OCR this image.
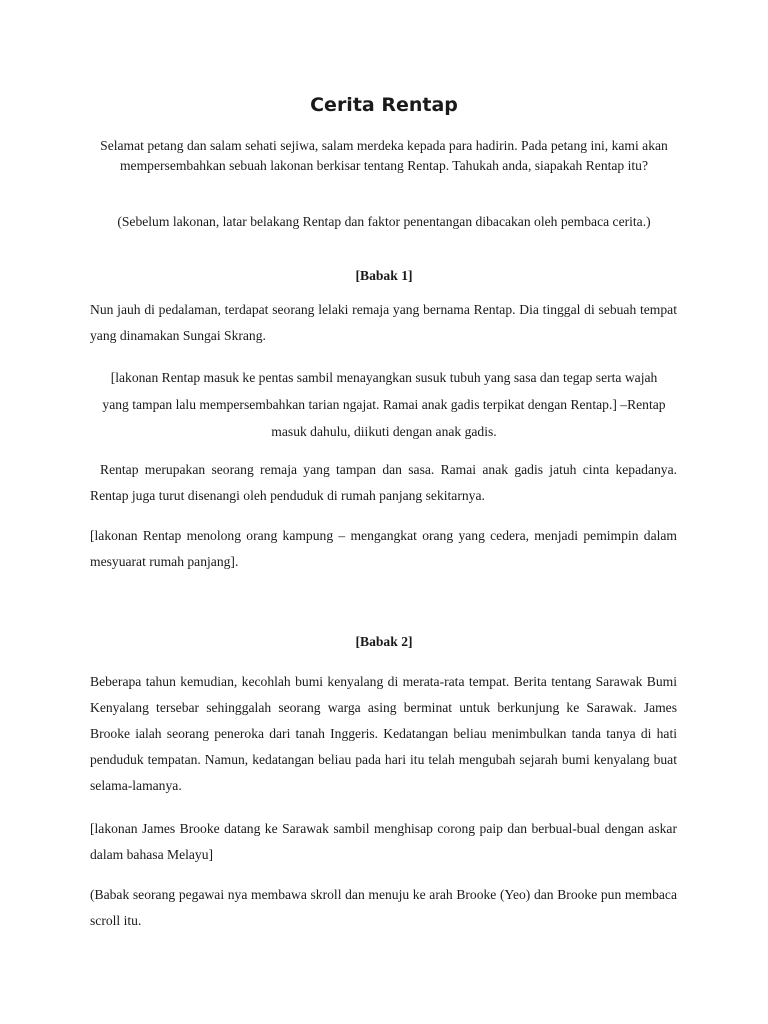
Cerita Rentap
Selamat petang dan salam sehati sejiwa, salam merdeka kepada para hadirin. Pada petang ini, kami akan mempersembahkan sebuah lakonan berkisar tentang Rentap. Tahukah anda, siapakah Rentap itu?
(Sebelum lakonan, latar belakang Rentap dan faktor penentangan dibacakan oleh pembaca cerita.)
[Babak 1]
Nun jauh di pedalaman, terdapat seorang lelaki remaja yang bernama Rentap. Dia tinggal di sebuah tempat yang dinamakan Sungai Skrang.
[lakonan Rentap masuk ke pentas sambil menayangkan susuk tubuh yang sasa dan tegap serta wajah yang tampan lalu mempersembahkan tarian ngajat. Ramai anak gadis terpikat dengan Rentap.] –Rentap masuk dahulu, diikuti dengan anak gadis.
Rentap merupakan seorang remaja yang tampan dan sasa. Ramai anak gadis jatuh cinta kepadanya. Rentap juga turut disenangi oleh penduduk di rumah panjang sekitarnya.
[lakonan Rentap menolong orang kampung – mengangkat orang yang cedera, menjadi pemimpin dalam mesyuarat rumah panjang].
[Babak 2]
Beberapa tahun kemudian, kecohlah bumi kenyalang di merata-rata tempat. Berita tentang Sarawak Bumi Kenyalang tersebar sehinggalah seorang warga asing berminat untuk berkunjung ke Sarawak. James Brooke ialah seorang peneroka dari tanah Inggeris. Kedatangan beliau menimbulkan tanda tanya di hati penduduk tempatan. Namun, kedatangan beliau pada hari itu telah mengubah sejarah bumi kenyalang buat selama-lamanya.
[lakonan James Brooke datang ke Sarawak sambil menghisap corong paip dan berbual-bual dengan askar dalam bahasa Melayu]
(Babak seorang pegawai nya membawa skroll dan menuju ke arah Brooke (Yeo) dan Brooke pun membaca scroll itu.
